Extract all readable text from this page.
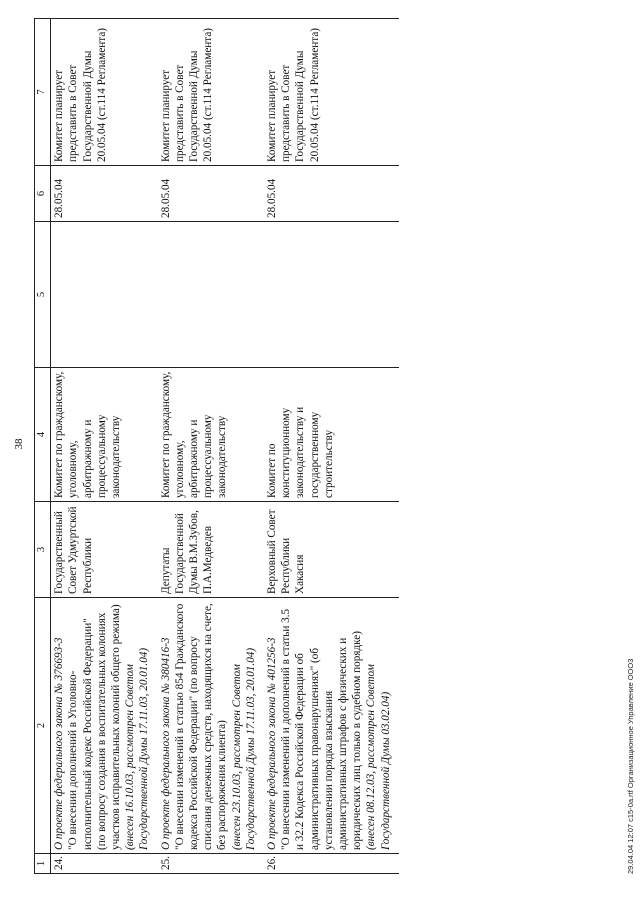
38
1	2	3	4	5	6	7
24.	О проекте федерального закона № 376693-3 "О внесении дополнений в Уголовно-исполнительный кодекс Российской Федерации" (по вопросу создания в воспитательных колониях участков исправительных колоний общего режима) (внесен 16.10.03, рассмотрен Советом Государственной Думы 17.11.03, 20.01.04)	Государственный Совет Удмуртской Республики	Комитет по гражданскому, уголовному, арбитражному и процессуальному законодательству		28.05.04	Комитет планирует представить в Совет Государственной Думы 20.05.04 (ст.114 Регламента)
25.	О проекте федерального закона № 380416-3 "О внесении изменений в статью 854 Гражданского кодекса Российской Федерации" (по вопросу списания денежных средств, находящихся на счете, без распоряжения клиента) (внесен 23.10.03, рассмотрен Советом Государственной Думы 17.11.03, 20.01.04)	Депутаты Государственной Думы В.М.Зубов, П.А.Медведев	Комитет по гражданскому, уголовному, арбитражному и процессуальному законодательству		28.05.04	Комитет планирует представить в Совет Государственной Думы 20.05.04 (ст.114 Регламента)
26.	О проекте федерального закона № 401256-3 "О внесении изменений и дополнений в статьи 3.5 и 32.2 Кодекса Российской Федерации об административных правонарушениях" (об установлении порядка взыскания административных штрафов с физических и юридических лиц только в судебном порядке) (внесен 08.12.03, рассмотрен Советом Государственной Думы 03.02.04)	Верховный Совет Республики Хакасия	Комитет по конституционному законодательству и государственному строительству		28.05.04	Комитет планирует представить в Совет Государственной Думы 20.05.04 (ст.114 Регламента)
29.04.04 12:07 с15-0a.rtf Организационное Управление ООО3
